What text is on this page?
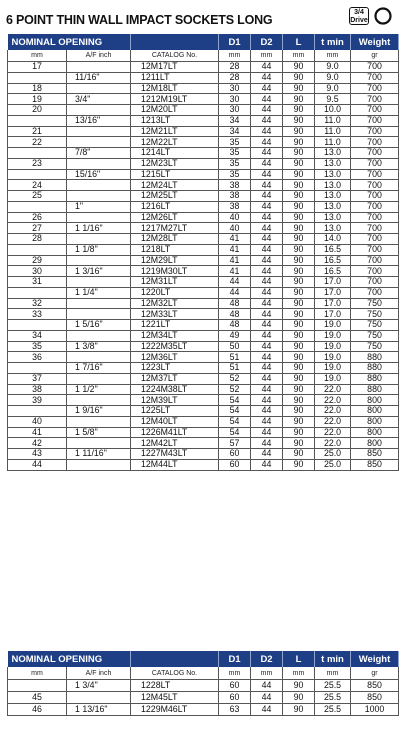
6 POINT THIN WALL IMPACT SOCKETS LONG
3/4
Drive
NOMINAL OPENING			D1	D2	L	t min	Weight
mm	A/F inch	CATALOG No.	mm	mm	mm	mm	gr
17		12M17LT	28	44	90	9.0	700
	11/16"	1211LT	28	44	90	9.0	700
18		12M18LT	30	44	90	9.0	700
19	3/4"	1212M19LT	30	44	90	9.5	700
20		12M20LT	30	44	90	10.0	700
	13/16"	1213LT	34	44	90	11.0	700
21		12M21LT	34	44	90	11.0	700
22		12M22LT	35	44	90	11.0	700
	7/8"	1214LT	35	44	90	13.0	700
23		12M23LT	35	44	90	13.0	700
	15/16"	1215LT	35	44	90	13.0	700
24		12M24LT	38	44	90	13.0	700
25		12M25LT	38	44	90	13.0	700
	1"	1216LT	38	44	90	13.0	700
26		12M26LT	40	44	90	13.0	700
27	1 1/16"	1217M27LT	40	44	90	13.0	700
28		12M28LT	41	44	90	14.0	700
	1 1/8"	1218LT	41	44	90	16.5	700
29		12M29LT	41	44	90	16.5	700
30	1 3/16"	1219M30LT	41	44	90	16.5	700
31		12M31LT	44	44	90	17.0	700
	1 1/4"	1220LT	44	44	90	17.0	700
32		12M32LT	48	44	90	17.0	750
33		12M33LT	48	44	90	17.0	750
	1 5/16"	1221LT	48	44	90	19.0	750
34		12M34LT	49	44	90	19.0	750
35	1 3/8"	1222M35LT	50	44	90	19.0	750
36		12M36LT	51	44	90	19.0	880
	1 7/16"	1223LT	51	44	90	19.0	880
37		12M37LT	52	44	90	19.0	880
38	1 1/2"	1224M38LT	52	44	90	22.0	880
39		12M39LT	54	44	90	22.0	800
	1 9/16"	1225LT	54	44	90	22.0	800
40		12M40LT	54	44	90	22.0	800
41	1 5/8"	1226M41LT	54	44	90	22.0	800
42		12M42LT	57	44	90	22.0	800
43	1 11/16"	1227M43LT	60	44	90	25.0	850
44		12M44LT	60	44	90	25.0	850
NOMINAL OPENING			D1	D2	L	t min	Weight
mm	A/F inch	CATALOG No.	mm	mm	mm	mm	gr
	1 3/4"	1228LT	60	44	90	25.5	850
45		12M45LT	60	44	90	25.5	850
46	1 13/16"	1229M46LT	63	44	90	25.5	1000
